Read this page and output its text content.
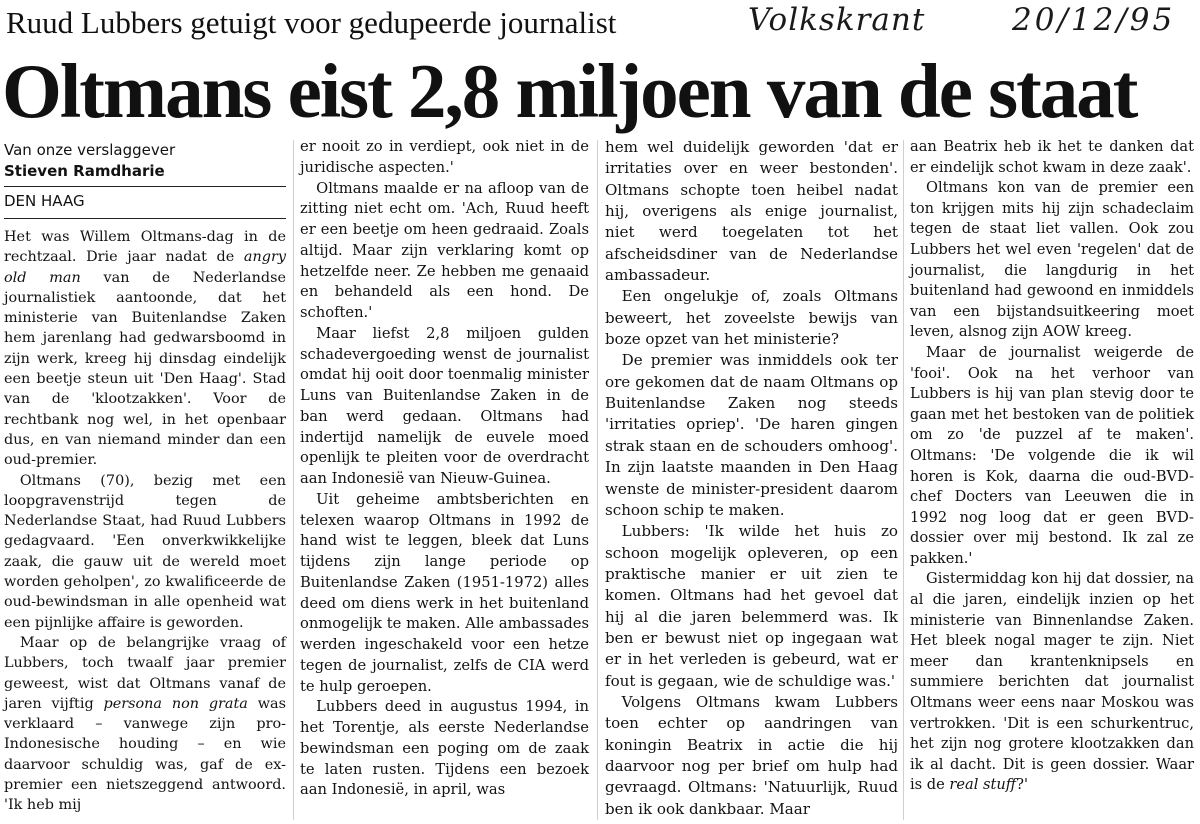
Ruud Lubbers getuigt voor gedupeerde journalist	Volkskrant	20/12/95
Oltmans eist 2,8 miljoen van de staat

Van onze verslaggever

Stieven Ramdharie

DEN HAAG

Het was Willem Oltmans-dag in de rechtzaal. Drie jaar nadat de angry old man van de Nederlandse journalistiek aantoonde, dat het ministerie van Buitenlandse Zaken hem jarenlang had gedwarsboomd in zijn werk, kreeg hij dinsdag eindelijk een beetje steun uit 'Den Haag'. Stad van de 'klootzakken'. Voor de rechtbank nog wel, in het openbaar dus, en van niemand minder dan een oud-premier.

Oltmans (70), bezig met een loopgravenstrijd tegen de Nederlandse Staat, had Ruud Lubbers gedagvaard. 'Een onverkwikkelijke zaak, die gauw uit de wereld moet worden geholpen', zo kwalificeerde de oud-bewindsman in alle openheid wat een pijnlijke affaire is geworden.

Maar op de belangrijke vraag of Lubbers, toch twaalf jaar premier geweest, wist dat Oltmans vanaf de jaren vijftig persona non grata was verklaard – vanwege zijn pro-Indonesische houding – en wie daarvoor schuldig was, gaf de ex-premier een nietszeggend antwoord. 'Ik heb mij

er nooit zo in verdiept, ook niet in de juridische aspecten.'

Oltmans maalde er na afloop van de zitting niet echt om. 'Ach, Ruud heeft er een beetje om heen gedraaid. Zoals altijd. Maar zijn verklaring komt op hetzelfde neer. Ze hebben me genaaid en behandeld als een hond. De schoften.'

Maar liefst 2,8 miljoen gulden schadevergoeding wenst de journalist omdat hij ooit door toenmalig minister Luns van Buitenlandse Zaken in de ban werd gedaan. Oltmans had indertijd namelijk de euvele moed openlijk te pleiten voor de overdracht aan Indonesië van Nieuw-Guinea.

Uit geheime ambtsberichten en telexen waarop Oltmans in 1992 de hand wist te leggen, bleek dat Luns tijdens zijn lange periode op Buitenlandse Zaken (1951-1972) alles deed om diens werk in het buitenland onmogelijk te maken. Alle ambassades werden ingeschakeld voor een hetze tegen de journalist, zelfs de CIA werd te hulp geroepen.

Lubbers deed in augustus 1994, in het Torentje, als eerste Nederlandse bewindsman een poging om de zaak te laten rusten. Tijdens een bezoek aan Indonesië, in april, was

hem wel duidelijk geworden 'dat er irritaties over en weer bestonden'. Oltmans schopte toen heibel nadat hij, overigens als enige journalist, niet werd toegelaten tot het afscheidsdiner van de Nederlandse ambassadeur.

Een ongelukje of, zoals Oltmans beweert, het zoveelste bewijs van boze opzet van het ministerie?

De premier was inmiddels ook ter ore gekomen dat de naam Oltmans op Buitenlandse Zaken nog steeds 'irritaties opriep'. 'De haren gingen strak staan en de schouders omhoog'. In zijn laatste maanden in Den Haag wenste de minister-president daarom schoon schip te maken.

Lubbers: 'Ik wilde het huis zo schoon mogelijk opleveren, op een praktische manier er uit zien te komen. Oltmans had het gevoel dat hij al die jaren belemmerd was. Ik ben er bewust niet op ingegaan wat er in het verleden is gebeurd, wat er fout is gegaan, wie de schuldige was.'

Volgens Oltmans kwam Lubbers toen echter op aandringen van koningin Beatrix in actie die hij daarvoor nog per brief om hulp had gevraagd. Oltmans: 'Natuurlijk, Ruud ben ik ook dankbaar. Maar

aan Beatrix heb ik het te danken dat er eindelijk schot kwam in deze zaak'.

Oltmans kon van de premier een ton krijgen mits hij zijn schadeclaim tegen de staat liet vallen. Ook zou Lubbers het wel even 'regelen' dat de journalist, die langdurig in het buitenland had gewoond en inmiddels van een bijstandsuitkeering moet leven, alsnog zijn AOW kreeg.

Maar de journalist weigerde de 'fooi'. Ook na het verhoor van Lubbers is hij van plan stevig door te gaan met het bestoken van de politiek om zo 'de puzzel af te maken'. Oltmans: 'De volgende die ik wil horen is Kok, daarna die oud-BVD-chef Docters van Leeuwen die in 1992 nog loog dat er geen BVD-dossier over mij bestond. Ik zal ze pakken.'

Gistermiddag kon hij dat dossier, na al die jaren, eindelijk inzien op het ministerie van Binnenlandse Zaken. Het bleek nogal mager te zijn. Niet meer dan krantenknipsels en summiere berichten dat journalist Oltmans weer eens naar Moskou was vertrokken. 'Dit is een schurkentruc, het zijn nog grotere klootzakken dan ik al dacht. Dit is geen dossier. Waar is de real stuff?'
